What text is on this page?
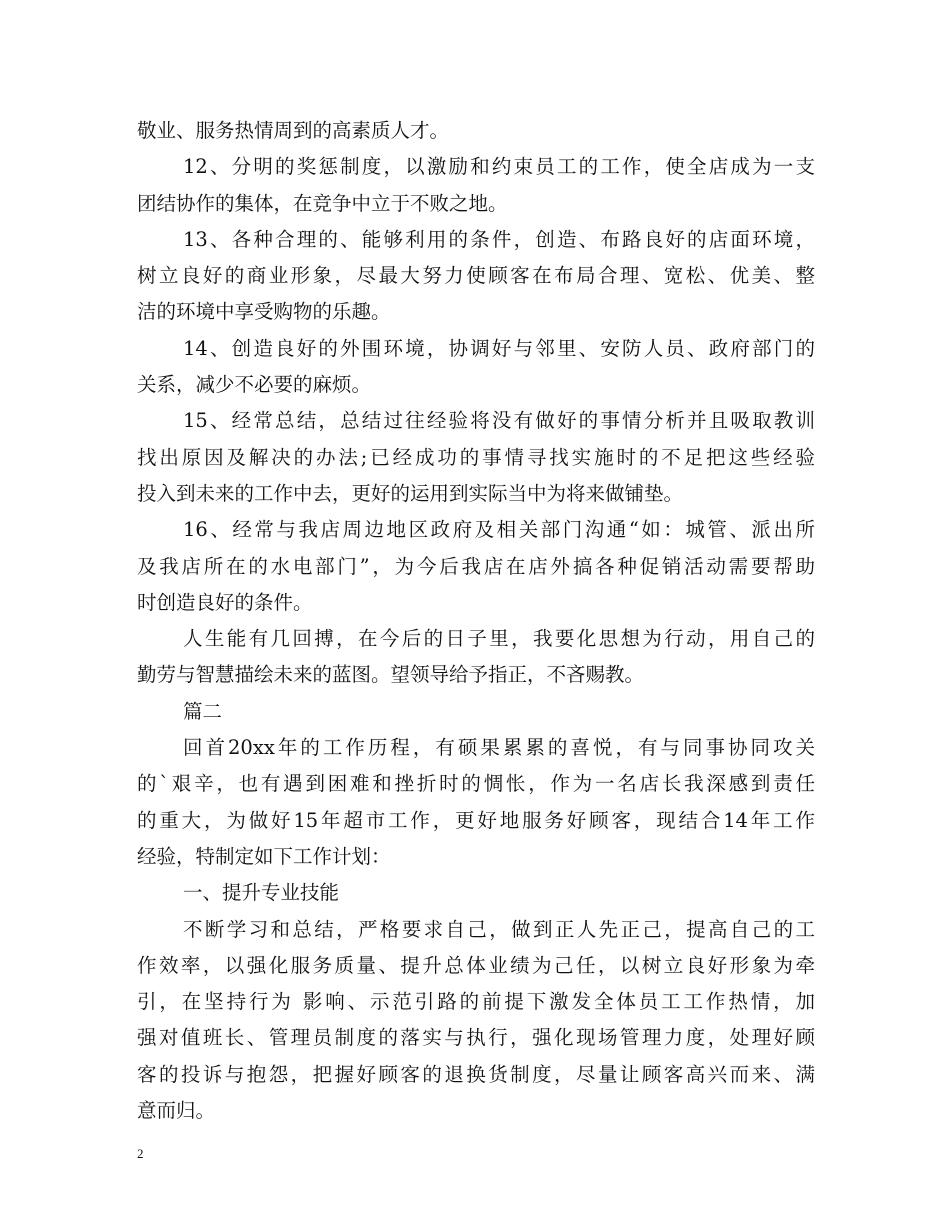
敬业、服务热情周到的高素质人才。
12、分明的奖惩制度，以激励和约束员工的工作，使全店成为一支
团结协作的集体，在竞争中立于不败之地。
13、各种合理的、能够利用的条件，创造、布路良好的店面环境，
树立良好的商业形象，尽最大努力使顾客在布局合理、宽松、优美、整
洁的环境中享受购物的乐趣。
14、创造良好的外围环境，协调好与邻里、安防人员、政府部门的
关系，减少不必要的麻烦。
15、经常总结，总结过往经验将没有做好的事情分析并且吸取教训
找出原因及解决的办法;已经成功的事情寻找实施时的不足把这些经验
投入到未来的工作中去，更好的运用到实际当中为将来做铺垫。
16、经常与我店周边地区政府及相关部门沟通“如：城管、派出所
及我店所在的水电部门”，为今后我店在店外搞各种促销活动需要帮助
时创造良好的条件。
人生能有几回搏，在今后的日子里，我要化思想为行动，用自己的
勤劳与智慧描绘未来的蓝图。望领导给予指正，不吝赐教。
篇二
回首20xx年的工作历程，有硕果累累的喜悦，有与同事协同攻关
的`艰辛，也有遇到困难和挫折时的惆怅，作为一名店长我深感到责任
的重大，为做好15年超市工作，更好地服务好顾客，现结合14年工作
经验，特制定如下工作计划：
一、提升专业技能
不断学习和总结，严格要求自己，做到正人先正己，提高自己的工
作效率，以强化服务质量、提升总体业绩为己任，以树立良好形象为牵
引，在坚持行为 影响、示范引路的前提下激发全体员工工作热情，加
强对值班长、管理员制度的落实与执行，强化现场管理力度，处理好顾
客的投诉与抱怨，把握好顾客的退换货制度，尽量让顾客高兴而来、满
意而归。
2
